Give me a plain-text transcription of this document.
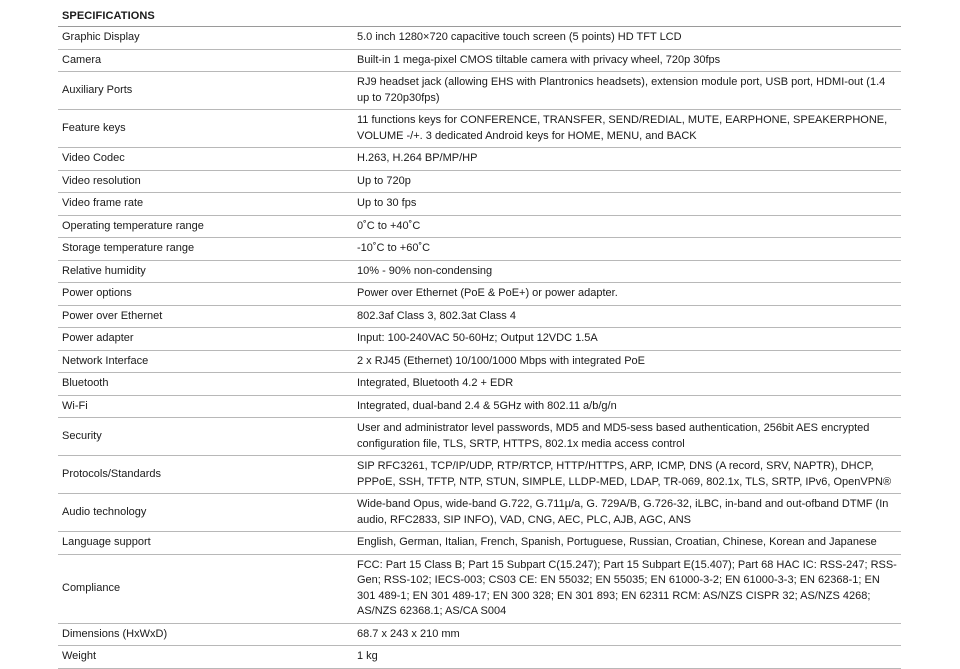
SPECIFICATIONS
Graphic Display	5.0 inch 1280×720 capacitive touch screen (5 points) HD TFT LCD
Camera	Built-in 1 mega-pixel CMOS tiltable camera with privacy wheel, 720p 30fps
Auxiliary Ports	RJ9 headset jack (allowing EHS with Plantronics headsets), extension module port, USB port, HDMI-out (1.4 up to 720p30fps)
Feature keys	11 functions keys for CONFERENCE, TRANSFER, SEND/REDIAL, MUTE, EARPHONE, SPEAKERPHONE, VOLUME -/+. 3 dedicated Android keys for HOME, MENU, and BACK
Video Codec	H.263, H.264 BP/MP/HP
Video resolution	Up to 720p
Video frame rate	Up to 30 fps
Operating temperature range	0˚C to +40˚C
Storage temperature range	-10˚C to +60˚C
Relative humidity	10% - 90% non-condensing
Power options	Power over Ethernet (PoE & PoE+) or power adapter.
Power over Ethernet	802.3af Class 3, 802.3at Class 4
Power adapter	Input: 100-240VAC 50-60Hz; Output 12VDC 1.5A
Network Interface	2 x RJ45 (Ethernet) 10/100/1000 Mbps with integrated PoE
Bluetooth	Integrated, Bluetooth 4.2 + EDR
Wi-Fi	Integrated, dual-band 2.4 & 5GHz with 802.11 a/b/g/n
Security	User and administrator level passwords, MD5 and MD5-sess based authentication, 256bit AES encrypted configuration file, TLS, SRTP, HTTPS, 802.1x media access control
Protocols/Standards	SIP RFC3261, TCP/IP/UDP, RTP/RTCP, HTTP/HTTPS, ARP, ICMP, DNS (A record, SRV, NAPTR), DHCP, PPPoE, SSH, TFTP, NTP, STUN, SIMPLE, LLDP-MED, LDAP, TR-069, 802.1x, TLS, SRTP, IPv6, OpenVPN®
Audio technology	Wide-band Opus, wide-band G.722, G.711µ/a, G. 729A/B, G.726-32, iLBC, in-band and out-ofband DTMF (In audio, RFC2833, SIP INFO), VAD, CNG, AEC, PLC, AJB, AGC, ANS
Language support	English, German, Italian, French, Spanish, Portuguese, Russian, Croatian, Chinese, Korean and Japanese
Compliance	FCC: Part 15 Class B; Part 15 Subpart C(15.247); Part 15 Subpart E(15.407); Part 68 HAC IC: RSS-247; RSS-Gen; RSS-102; IECS-003; CS03 CE: EN 55032; EN 55035; EN 61000-3-2; EN 61000-3-3; EN 62368-1; EN 301 489-1; EN 301 489-17; EN 300 328; EN 301 893; EN 62311 RCM: AS/NZS CISPR 32; AS/NZS 4268; AS/NZS 62368.1; AS/CA S004
Dimensions (HxWxD)	68.7 x 243 x 210 mm
Weight	1 kg
